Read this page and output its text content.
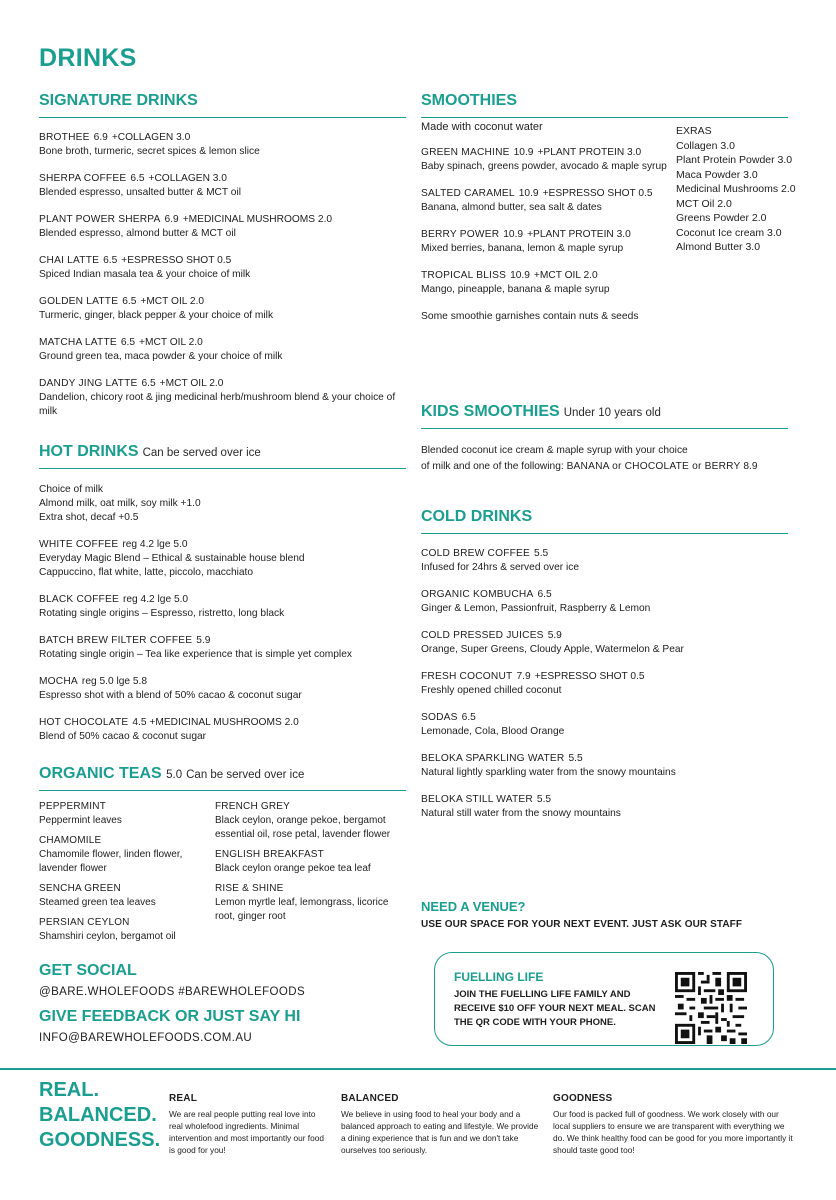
DRINKS
SIGNATURE DRINKS
BROTHEE 6.9 +COLLAGEN 3.0
Bone broth, turmeric, secret spices & lemon slice
SHERPA COFFEE 6.5 +COLLAGEN 3.0
Blended espresso, unsalted butter & MCT oil
PLANT POWER SHERPA 6.9 +MEDICINAL MUSHROOMS 2.0
Blended espresso, almond butter & MCT oil
CHAI LATTE 6.5 +ESPRESSO SHOT 0.5
Spiced Indian masala tea & your choice of milk
GOLDEN LATTE 6.5 +MCT OIL 2.0
Turmeric, ginger, black pepper & your choice of milk
MATCHA LATTE 6.5 +MCT OIL 2.0
Ground green tea, maca powder & your choice of milk
DANDY JING LATTE 6.5 +MCT OIL 2.0
Dandelion, chicory root & jing medicinal herb/mushroom blend & your choice of milk
HOT DRINKS Can be served over ice
Choice of milk
Almond milk, oat milk, soy milk +1.0
Extra shot, decaf +0.5
WHITE COFFEE reg 4.2 lge 5.0
Everyday Magic Blend – Ethical & sustainable house blend
Cappuccino, flat white, latte, piccolo, macchiato
BLACK COFFEE reg 4.2 lge 5.0
Rotating single origins – Espresso, ristretto, long black
BATCH BREW FILTER COFFEE 5.9
Rotating single origin – Tea like experience that is simple yet complex
MOCHA reg 5.0 lge 5.8
Espresso shot with a blend of 50% cacao & coconut sugar
HOT CHOCOLATE 4.5 +MEDICINAL MUSHROOMS 2.0
Blend of 50% cacao & coconut sugar
ORGANIC TEAS 5.0 Can be served over ice
PEPPERMINT
Peppermint leaves
CHAMOMILE
Chamomile flower, linden flower, lavender flower
SENCHA GREEN
Steamed green tea leaves
PERSIAN CEYLON
Shamshiri ceylon, bergamot oil
FRENCH GREY
Black ceylon, orange pekoe, bergamot essential oil, rose petal, lavender flower
ENGLISH BREAKFAST
Black ceylon orange pekoe tea leaf
RISE & SHINE
Lemon myrtle leaf, lemongrass, licorice root, ginger root
GET SOCIAL
@BARE.WHOLEFOODS #BAREWHOLEFOODS
GIVE FEEDBACK OR JUST SAY HI
INFO@BAREWHOLEFOODS.COM.AU
SMOOTHIES
Made with coconut water
GREEN MACHINE 10.9 +PLANT PROTEIN 3.0
Baby spinach, greens powder, avocado & maple syrup
SALTED CARAMEL 10.9 +ESPRESSO SHOT 0.5
Banana, almond butter, sea salt & dates
BERRY POWER 10.9 +PLANT PROTEIN 3.0
Mixed berries, banana, lemon & maple syrup
TROPICAL BLISS 10.9 +MCT OIL 2.0
Mango, pineapple, banana & maple syrup
Some smoothie garnishes contain nuts & seeds
EXRAS
Collagen 3.0
Plant Protein Powder 3.0
Maca Powder 3.0
Medicinal Mushrooms 2.0
MCT Oil 2.0
Greens Powder 2.0
Coconut Ice cream 3.0
Almond Butter 3.0
KIDS SMOOTHIES Under 10 years old
Blended coconut ice cream & maple syrup with your choice
of milk and one of the following: BANANA or CHOCOLATE or BERRY 8.9
COLD DRINKS
COLD BREW COFFEE 5.5
Infused for 24hrs & served over ice
ORGANIC KOMBUCHA 6.5
Ginger & Lemon, Passionfruit, Raspberry & Lemon
COLD PRESSED JUICES 5.9
Orange, Super Greens, Cloudy Apple, Watermelon & Pear
FRESH COCONUT 7.9 +ESPRESSO SHOT 0.5
Freshly opened chilled coconut
SODAS 6.5
Lemonade, Cola, Blood Orange
BELOKA SPARKLING WATER 5.5
Natural lightly sparkling water from the snowy mountains
BELOKA STILL WATER 5.5
Natural still water from the snowy mountains
NEED A VENUE?
USE OUR SPACE FOR YOUR NEXT EVENT. JUST ASK OUR STAFF
FUELLING LIFE
JOIN THE FUELLING LIFE FAMILY AND RECEIVE $10 OFF YOUR NEXT MEAL. SCAN THE QR CODE WITH YOUR PHONE.
REAL.
BALANCED.
GOODNESS.
REAL
We are real people putting real love into real wholefood ingredients. Minimal intervention and most importantly our food is good for you!
BALANCED
We believe in using food to heal your body and a balanced approach to eating and lifestyle. We provide a dining experience that is fun and we don't take ourselves too seriously.
GOODNESS
Our food is packed full of goodness. We work closely with our local suppliers to ensure we are transparent with everything we do. We think healthy food can be good for you more importantly it should taste good too!
